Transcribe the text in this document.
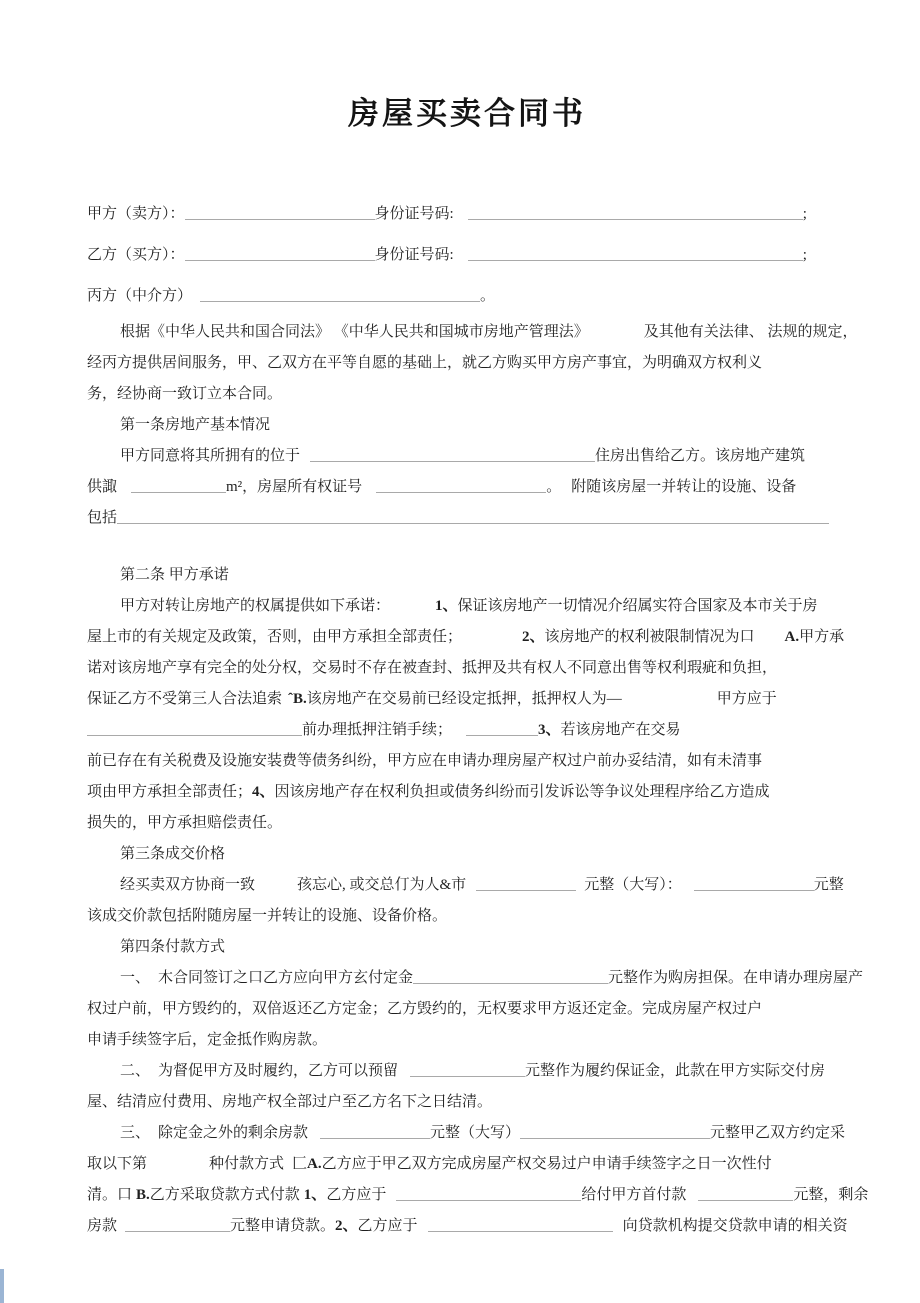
房屋买卖合同书
甲方（卖方）：	身份证号码:	;
乙方（买方）：	身份证号码:	;
丙方（中介方）	。
根据《中华人民共和国合同法》 《中华人民共和国城市房地产管理法》	及其他有关法律、 法规的规定，
经丙方提供居间服务，甲、乙双方在平等自愿的基础上，就乙方购买甲方房产事宜，为明确双方权利义
务，经协商一致订立本合同。
第一条房地产基本情况
甲方同意将其所拥有的位于	住房出售给乙方。该房地产建筑
供諏	m²，房屋所有权证号	。 附随该房屋一并转让的设施、设备
包括
第二条 甲方承诺
甲方对转让房地产的权属提供如下承诺：	1、保证该房地产一切情况介绍属实符合国家及本市关于房
屋上市的有关规定及政策，否则，由甲方承担全部责任；	2、该房地产的权利被限制情况为口 A.甲方承
诺对该房地产享有完全的处分权，交易时不存在被查封、抵押及共有权人不同意出售等权利瑕疵和负担，
保证乙方不受第三人合法追索 ˆB.该房地产在交易前已经设定抵押，抵押权人为—	甲方应于
前办理抵押注销手续；	3、若该房地产在交易
前已存在有关税费及设施安装费等债务纠纷，甲方应在申请办理房屋产权过户前办妥结清，如有未清事
项由甲方承担全部责任；4、因该房地产存在权利负担或债务纠纷而引发诉讼等争议处理程序给乙方造成
损失的，甲方承担赔偿责任。
第三条成交价格
经买卖双方协商一致	孩忘心, 或交总仃为人&市	元整（大写）：	元整
该成交价款包括附随房屋一并转让的设施、设备价格。
第四条付款方式
一、 木合同签订之口乙方应向甲方玄付定金	元整作为购房担保。在申请办理房屋产
权过户前，甲方毁约的，双倍返还乙方定金；乙方毁约的，无权要求甲方返还定金。完成房屋产权过户
申请手续签字后，定金抵作购房款。
二、 为督促甲方及时履约，乙方可以预留	元整作为履约保证金，此款在甲方实际交付房
屋、结清应付费用、房地产权全部过户至乙方名下之日结清。
三、 除定金之外的剩余房款	元整（大写）	元整甲乙双方约定采
取以下第	种付款方式 匚A.乙方应于甲乙双方完成房屋产权交易过户申请手续签字之日一次性付
清。口 B.乙方采取贷款方式付款 1、乙方应于	给付甲方首付款	元整，剩余
房款	元整申请贷款。2、乙方应于	向贷款机构提交贷款申请的相关资
